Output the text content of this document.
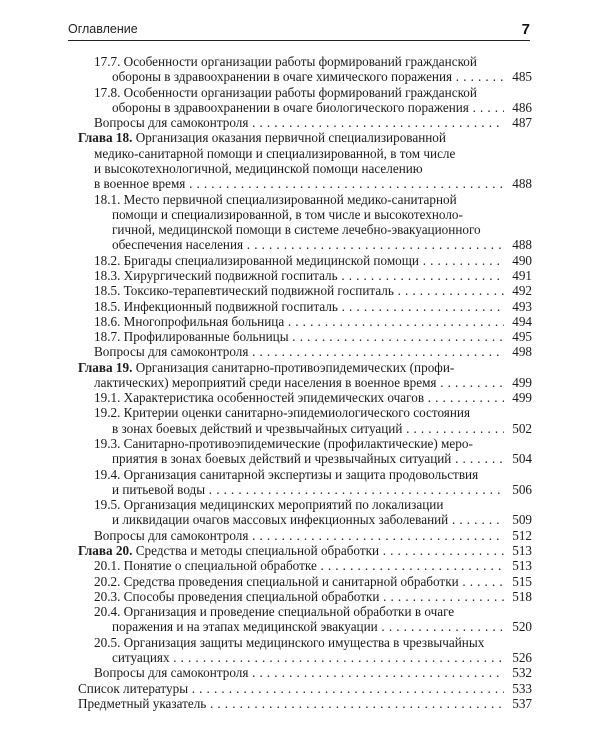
Оглавление	7
17.7. Особенности организации работы формирований гражданской
обороны в здравоохранении в очаге химического поражения . . .	485
17.8. Особенности организации работы формирований гражданской
обороны в здравоохранении в очаге биологического поражения . . .	486
Вопросы для самоконтроля . . .	487
Глава 18. Организация оказания первичной специализированной
медико-санитарной помощи и специализированной, в том числе
и высокотехнологичной, медицинской помощи населению
в военное время . . .	488
18.1. Место первичной специализированной медико-санитарной
помощи и специализированной, в том числе и высокотехноло-
гичной, медицинской помощи в системе лечебно-эвакуационного
обеспечения населения . . .	488
18.2. Бригады специализированной медицинской помощи . . .	490
18.3. Хирургический подвижной госпиталь . . .	491
18.5. Токсико-терапевтический подвижной госпиталь . . .	492
18.5. Инфекционный подвижной госпиталь . . .	493
18.6. Многопрофильная больница . . .	494
18.7. Профилированные больницы . . .	495
Вопросы для самоконтроля . . .	498
Глава 19. Организация санитарно-противоэпидемических (профи-
лактических) мероприятий среди населения в военное время . . .	499
19.1. Характеристика особенностей эпидемических очагов . . .	499
19.2. Критерии оценки санитарно-эпидемиологического состояния
в зонах боевых действий и чрезвычайных ситуаций . . .	502
19.3. Санитарно-противоэпидемические (профилактические) меро-
приятия в зонах боевых действий и чрезвычайных ситуаций . . .	504
19.4. Организация санитарной экспертизы и защита продовольствия
и питьевой воды . . .	506
19.5. Организация медицинских мероприятий по локализации
и ликвидации очагов массовых инфекционных заболеваний . . .	509
Вопросы для самоконтроля . . .	512
Глава 20. Средства и методы специальной обработки . . .	513
20.1. Понятие о специальной обработке . . .	513
20.2. Средства проведения специальной и санитарной обработки . . .	515
20.3. Способы проведения специальной обработки . . .	518
20.4. Организация и проведение специальной обработки в очаге
поражения и на этапах медицинской эвакуации . . .	520
20.5. Организация защиты медицинского имущества в чрезвычайных
ситуациях . . .	526
Вопросы для самоконтроля . . .	532
Список литературы . . .	533
Предметный указатель . . .	537
